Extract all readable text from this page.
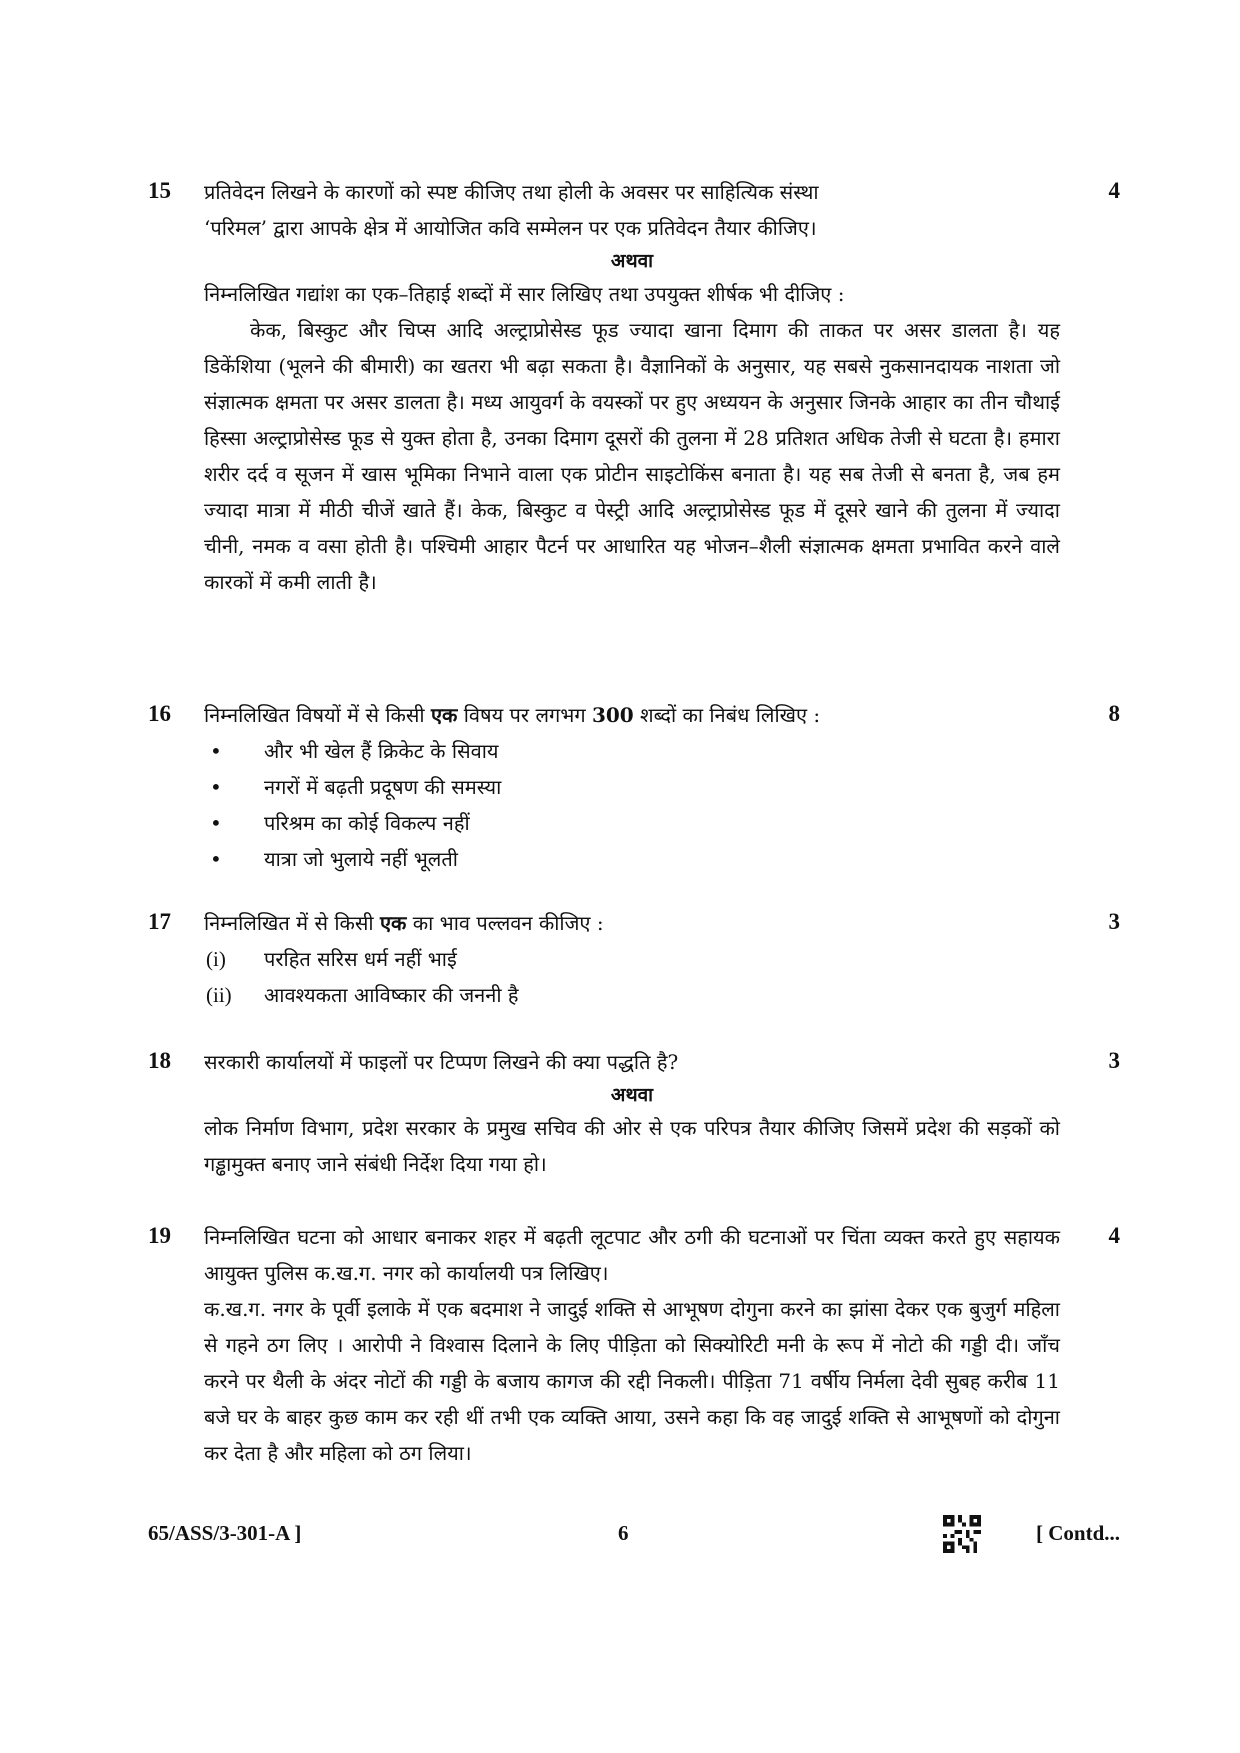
15	4
प्रतिवेदन लिखने के कारणों को स्पष्ट कीजिए तथा होली के अवसर पर साहित्यिक संस्था
‘परिमल’ द्वारा आपके क्षेत्र में आयोजित कवि सम्मेलन पर एक प्रतिवेदन तैयार कीजिए।
अथवा
निम्नलिखित गद्यांश का एक–तिहाई शब्दों में सार लिखिए तथा उपयुक्त शीर्षक भी दीजिए :
केक, बिस्कुट और चिप्स आदि अल्ट्राप्रोसेस्ड फूड ज्यादा खाना दिमाग की ताकत पर असर डालता है। यह डिकेंशिया (भूलने की बीमारी) का खतरा भी बढ़ा सकता है। वैज्ञानिकों के अनुसार, यह सबसे नुकसानदायक नाशता जो संज्ञात्मक क्षमता पर असर डालता है। मध्य आयुवर्ग के वयस्कों पर हुए अध्ययन के अनुसार जिनके आहार का तीन चौथाई हिस्सा अल्ट्राप्रोसेस्ड फूड से युक्त होता है, उनका दिमाग दूसरों की तुलना में 28 प्रतिशत अधिक तेजी से घटता है। हमारा शरीर दर्द व सूजन में खास भूमिका निभाने वाला एक प्रोटीन साइटोकिंस बनाता है। यह सब तेजी से बनता है, जब हम ज्यादा मात्रा में मीठी चीजें खाते हैं। केक, बिस्कुट व पेस्ट्री आदि अल्ट्राप्रोसेस्ड फूड में दूसरे खाने की तुलना में ज्यादा चीनी, नमक व वसा होती है। पश्चिमी आहार पैटर्न पर आधारित यह भोजन–शैली संज्ञात्मक क्षमता प्रभावित करने वाले कारकों में कमी लाती है।
16	8
निम्नलिखित विषयों में से किसी एक विषय पर लगभग 300 शब्दों का निबंध लिखिए :
• और भी खेल हैं क्रिकेट के सिवाय
• नगरों में बढ़ती प्रदूषण की समस्या
• परिश्रम का कोई विकल्प नहीं
• यात्रा जो भुलाये नहीं भूलती
17	3
निम्नलिखित में से किसी एक का भाव पल्लवन कीजिए :
(i) परहित सरिस धर्म नहीं भाई
(ii) आवश्यकता आविष्कार की जननी है
18	3
सरकारी कार्यालयों में फाइलों पर टिप्पण लिखने की क्या पद्धति है?
अथवा
लोक निर्माण विभाग, प्रदेश सरकार के प्रमुख सचिव की ओर से एक परिपत्र तैयार कीजिए जिसमें प्रदेश की सड़कों को गड्ढामुक्त बनाए जाने संबंधी निर्देश दिया गया हो।
19	4
निम्नलिखित घटना को आधार बनाकर शहर में बढ़ती लूटपाट और ठगी की घटनाओं पर चिंता व्यक्त करते हुए सहायक आयुक्त पुलिस क.ख.ग. नगर को कार्यालयी पत्र लिखिए।
क.ख.ग. नगर के पूर्वी इलाके में एक बदमाश ने जादुई शक्ति से आभूषण दोगुना करने का झांसा देकर एक बुजुर्ग महिला से गहने ठग लिए । आरोपी ने विश्वास दिलाने के लिए पीड़िता को सिक्योरिटी मनी के रूप में नोटो की गड्डी दी। जाँच करने पर थैली के अंदर नोटों की गड्डी के बजाय कागज की रद्दी निकली। पीड़िता 71 वर्षीय निर्मला देवी सुबह करीब 11 बजे घर के बाहर कुछ काम कर रही थीं तभी एक व्यक्ति आया, उसने कहा कि वह जादुई शक्ति से आभूषणों को दोगुना कर देता है और महिला को ठग लिया।
65/ASS/3-301-A ]	6	[ Contd...
